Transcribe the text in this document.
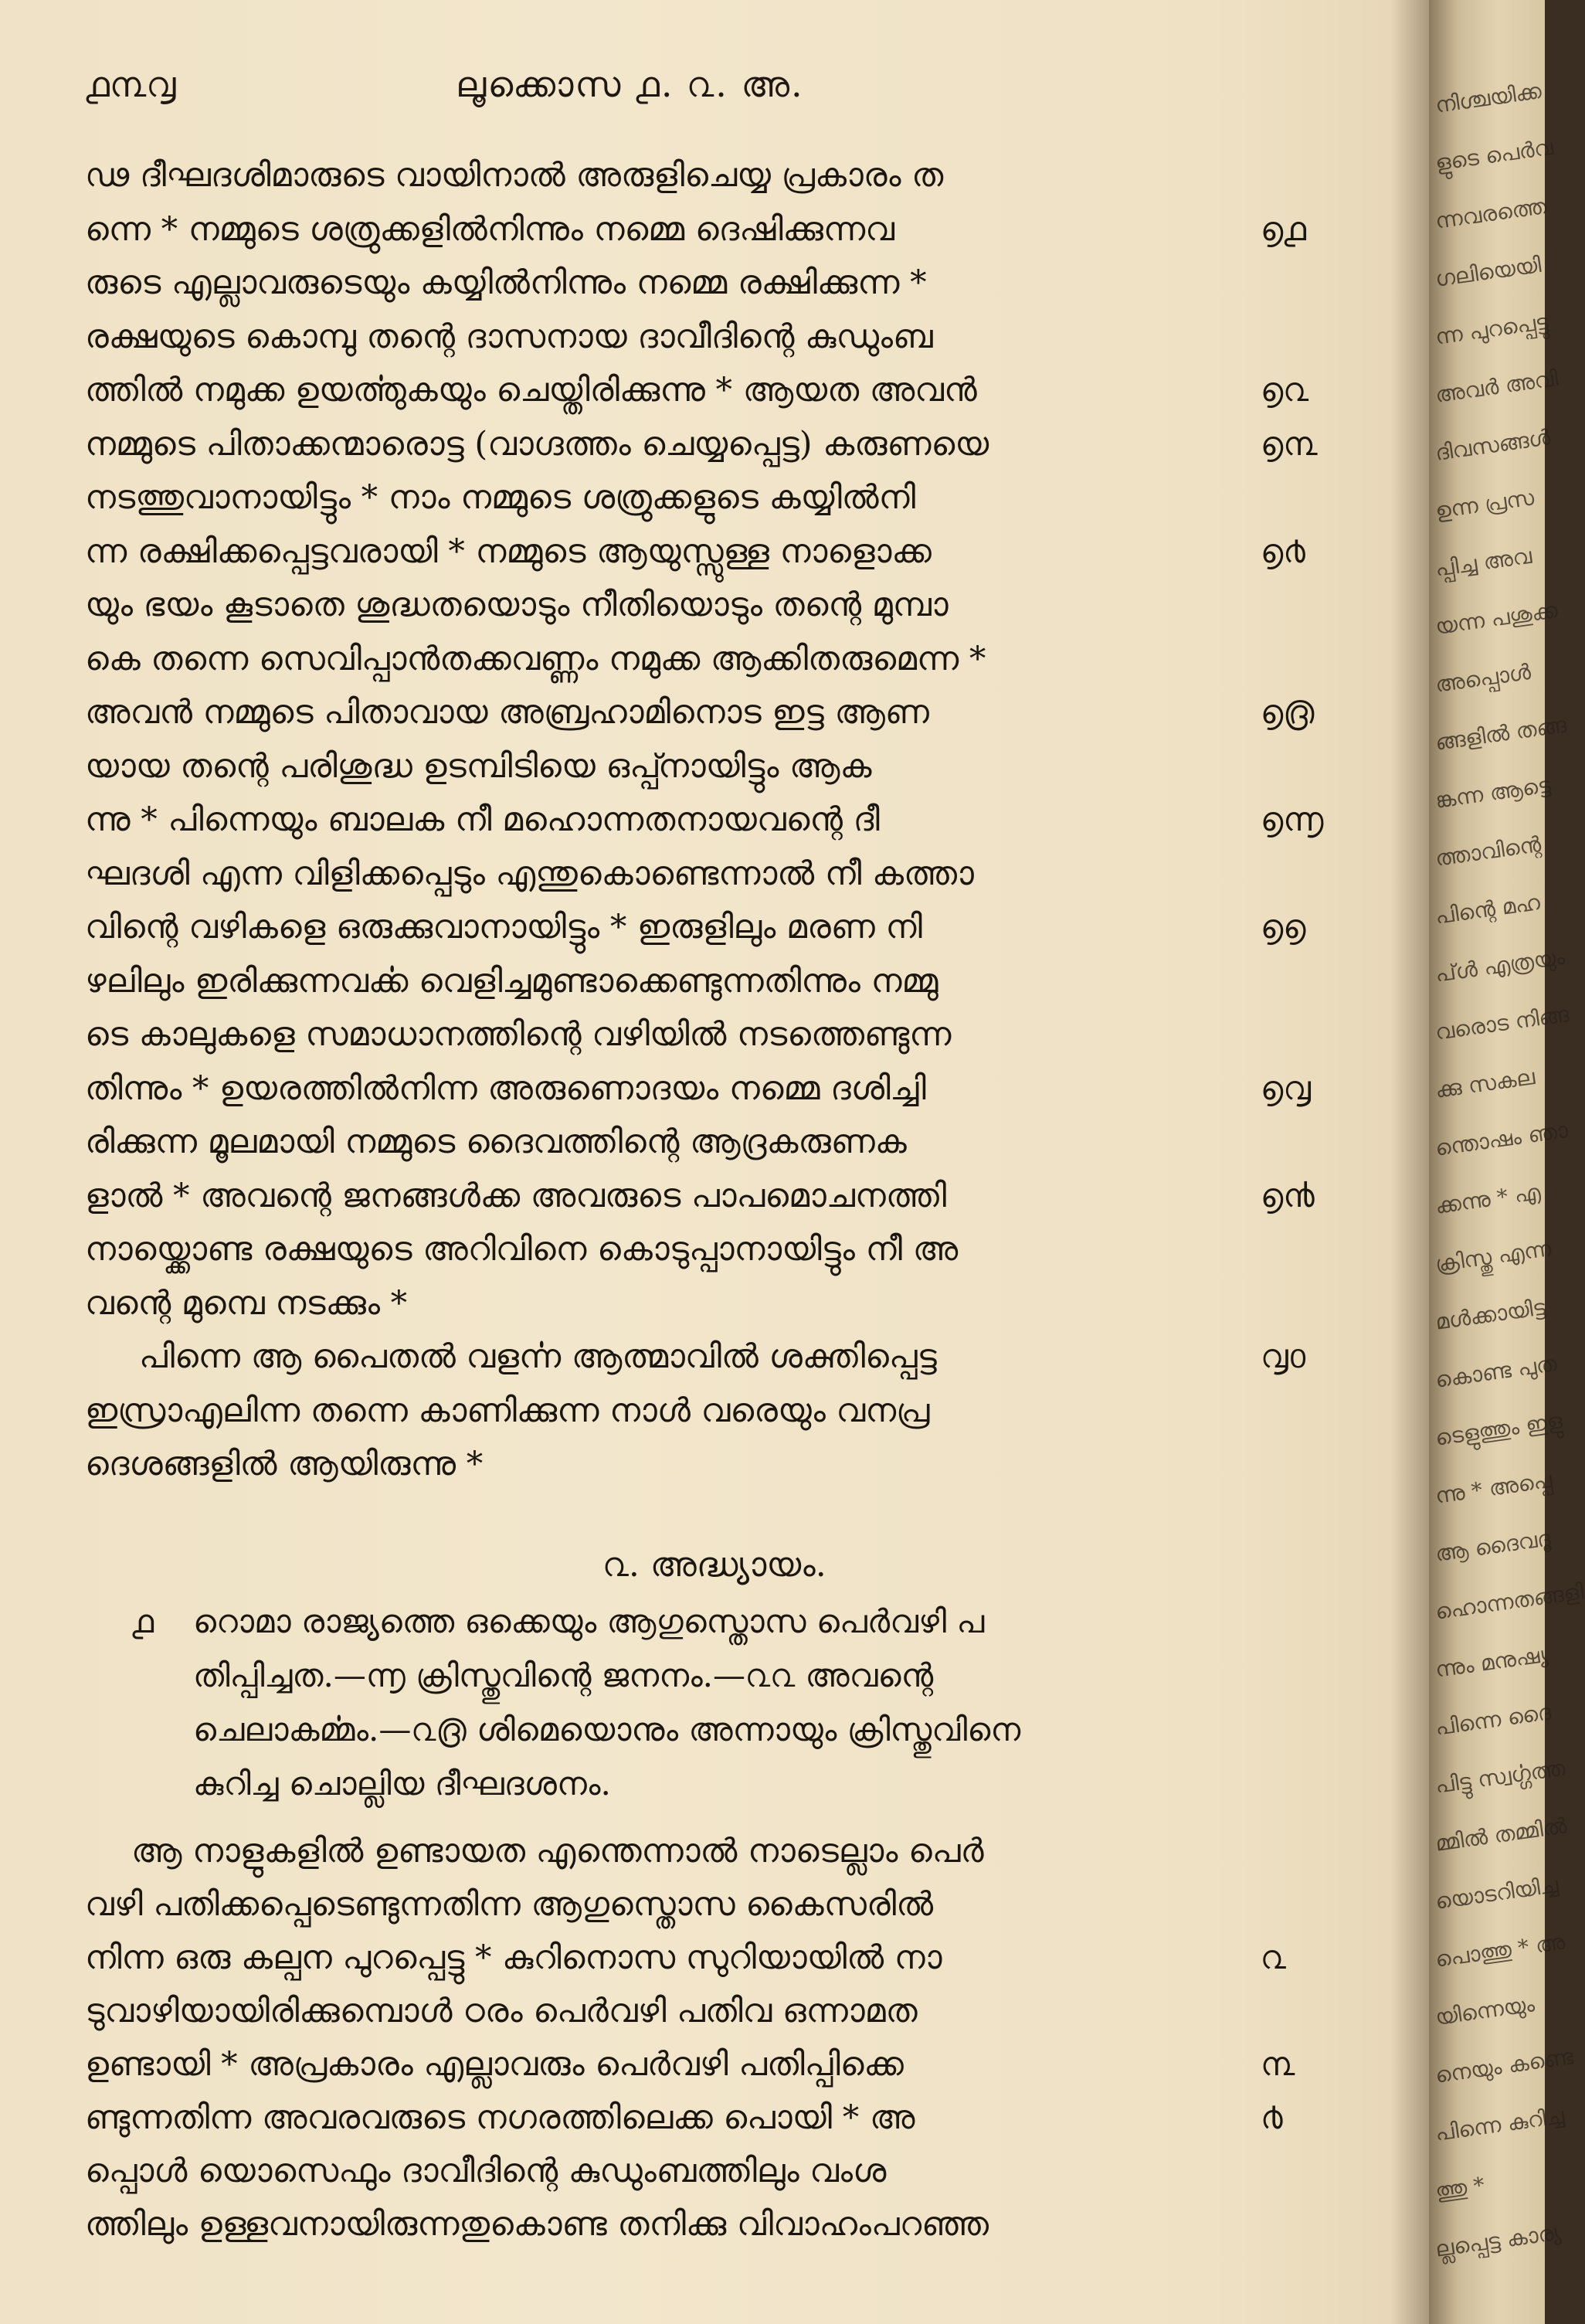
൧൩൮	ലൂക്കൊസ ൧. ൨. അ.
ഢ ദീഘദശിമാരുടെ വായിനാൽ അരുളിചെയ്യ പ്രകാരം ത
ന്നെ * നമ്മുടെ ശത്രുക്കളിൽനിന്നും നമ്മെ ദെഷിക്കുന്നവ
രുടെ എല്ലാവരുടെയും കയ്യിൽനിന്നും നമ്മെ രക്ഷിക്കുന്ന *
രക്ഷയുടെ കൊമ്പു തന്റെ ദാസനായ ദാവീദിന്റെ കുഡുംബ
ത്തിൽ നമുക്ക ഉയൎത്തുകയും ചെയ്തിരിക്കുന്നു * ആയത അവൻ
നമ്മുടെ പിതാക്കന്മാരൊട്ട (വാഗ്ദത്തം ചെയ്യപ്പെട്ട) കരുണയെ
നടത്തുവാനായിട്ടും * നാം നമ്മുടെ ശത്രുക്കളുടെ കയ്യിൽനി
ന്ന രക്ഷിക്കപ്പെട്ടവരായി * നമ്മുടെ ആയുസ്സുള്ള നാളൊക്ക
യും ഭയം കൂടാതെ ശുദ്ധതയൊടും നീതിയൊടും തന്റെ മുമ്പാ
കെ തന്നെ സെവിപ്പാൻതക്കവണ്ണം നമുക്ക ആക്കിതരുമെന്ന *
അവൻ നമ്മുടെ പിതാവായ അബ്രഹാമിനൊട ഇട്ട ആണ
യായ തന്റെ പരിശുദ്ധ ഉടമ്പിടിയെ ഒപ്പ്നായിട്ടും ആക
ന്നു * പിന്നെയും ബാലക നീ മഹൊന്നതനായവന്റെ ദീ
ഘദശി എന്ന വിളിക്കപ്പെടും എന്തുകൊണ്ടെന്നാൽ നീ കത്താ
വിന്റെ വഴികളെ ഒരുക്കുവാനായിട്ടും * ഇരുളിലും മരണ നി
ഴലിലും ഇരിക്കുന്നവൎക്ക വെളിച്ചമുണ്ടാക്കെണ്ടുന്നതിന്നും നമ്മു
ടെ കാലുകളെ സമാധാനത്തിന്റെ വഴിയിൽ നടത്തെണ്ടുന്ന
തിന്നും * ഉയരത്തിൽനിന്ന അരുണൊദയം നമ്മെ ദശിച്ചി
രിക്കുന്ന മൂലമായി നമ്മുടെ ദൈവത്തിന്റെ ആദ്രകരുണക
ളാൽ * അവന്റെ ജനങ്ങൾക്ക അവരുടെ പാപമൊചനത്തി
നായ്ക്കൊണ്ട രക്ഷയുടെ അറിവിനെ കൊടുപ്പാനായിട്ടും നീ അ
വന്റെ മുമ്പെ നടക്കും *
പിന്നെ ആ പൈതൽ വളൎന്ന ആത്മാവിൽ ശക്തിപ്പെട്ട
ഇസ്രാഎലിന്ന തന്നെ കാണിക്കുന്ന നാൾ വരെയും വനപ്ര
ദെശങ്ങളിൽ ആയിരുന്നു *
൭൧
൭൨
൭൩
൭൪
൭൫
൭൬
൭൭
൭൮
൭൯
൮൦
൨. അദ്ധ്യായം.
൧ റൊമാ രാജ്യത്തെ ഒക്കെയും ആഗുസ്തൊസ പെർവഴി പ
തിപ്പിച്ചത.—൬ ക്രിസ്തുവിന്റെ ജനനം.—൨൨ അവന്റെ
ചെലാകൎമ്മം.—൨൫ ശിമെയൊനും അന്നായും ക്രിസ്തുവിനെ
കുറിച്ച ചൊല്ലിയ ദീഘദശനം.
ആ നാളുകളിൽ ഉണ്ടായത എന്തെന്നാൽ നാടെല്ലാം പെർ
വഴി പതിക്കപ്പെടെണ്ടുന്നതിന്ന ആഗുസ്തൊസ കൈസരിൽ
നിന്ന ഒരു കല്പന പുറപ്പെട്ടു * കുറിനൊസ സുറിയായിൽ നാ
ടുവാഴിയായിരിക്കുമ്പൊൾ ഠരം പെർവഴി പതിവ ഒന്നാമത
ഉണ്ടായി * അപ്രകാരം എല്ലാവരും പെർവഴി പതിപ്പിക്കെ
ണ്ടുന്നതിന്ന അവരവരുടെ നഗരത്തിലെക്ക പൊയി * അ
പ്പൊൾ യൊസെഫും ദാവീദിന്റെ കുഡുംബത്തിലും വംശ
ത്തിലും ഉള്ളവനായിരുന്നതുകൊണ്ട തനിക്കു വിവാഹംപറഞ്ഞ
൨
൩
൪
നിശ്ചയിക്ക
ളുടെ പെർവ
ന്നവരത്തെ
ഗലിയെയി
ന്ന പുറപ്പെട്ടു
അവർ അവി
ദിവസങ്ങൾ
ഉന്ന പ്രസ
പ്പിച്ച അവ
യന്ന പശുക്ക
അപ്പൊൾ
ങ്ങളിൽ തങ്ങ
ങ്കന്ന ആട്ടെ
ത്താവിന്റെ
പിന്റെ മഹ
പ്ൾ എത്രയും
വരൊട നിങ്ങ
ക്കു സകല
ന്തൊഷം ഞാ
ക്കന്നു * എ
ക്രിസ്തു എന്ന
മൾക്കായിട്ട
കൊണ്ട പുത
ടെളുത്തും ഇളു
ന്നു * അപ്പെ
ആ ദൈവദൂ
ഹൊന്നതങ്ങളി
ന്നും മനുഷ്യ
പിന്നെ ദൈ
പിട്ടു സ്വൎഗ്ഗത്ത
മ്മിൽ തമ്മിൽ
യൊടറിയിച്ച
പൊത്തു * അ
യിന്നെയും
നെയും കണ്ടെ
പിന്നെ കുറിച്ച
ത്തു *
ല്ലപ്പെട്ട കാര്യ
